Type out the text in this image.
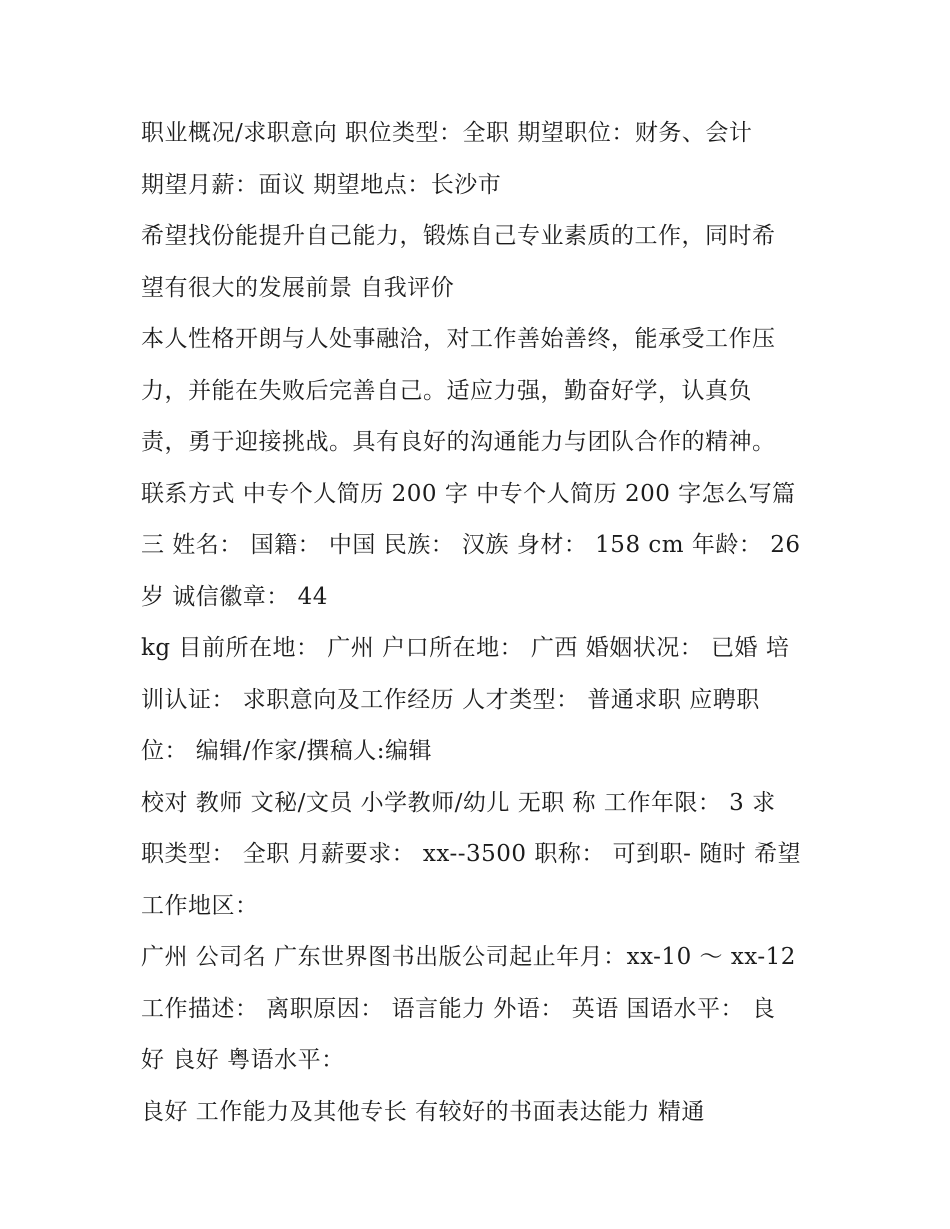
职业概况/求职意向 职位类型：全职 期望职位：财务、会计
期望月薪：面议 期望地点：长沙市
希望找份能提升自己能力，锻炼自己专业素质的工作，同时希
望有很大的发展前景 自我评价
本人性格开朗与人处事融洽，对工作善始善终，能承受工作压
力，并能在失败后完善自己。适应力强，勤奋好学，认真负
责，勇于迎接挑战。具有良好的沟通能力与团队合作的精神。
联系方式 中专个人简历 200 字 中专个人简历 200 字怎么写篇
三 姓名： 国籍： 中国 民族： 汉族 身材： 158 cm 年龄： 26
岁 诚信徽章： 44
kg 目前所在地： 广州 户口所在地： 广西 婚姻状况： 已婚 培
训认证： 求职意向及工作经历 人才类型： 普通求职 应聘职
位： 编辑/作家/撰稿人:编辑
校对 教师 文秘/文员 小学教师/幼儿 无职 称 工作年限： 3 求
职类型： 全职 月薪要求： xx--3500 职称： 可到职- 随时 希望
工作地区：
广州 公司名 广东世界图书出版公司起止年月：xx-10 ～ xx-12
工作描述： 离职原因： 语言能力 外语： 英语 国语水平： 良
好 良好 粤语水平：
良好 工作能力及其他专长 有较好的书面表达能力 精通
